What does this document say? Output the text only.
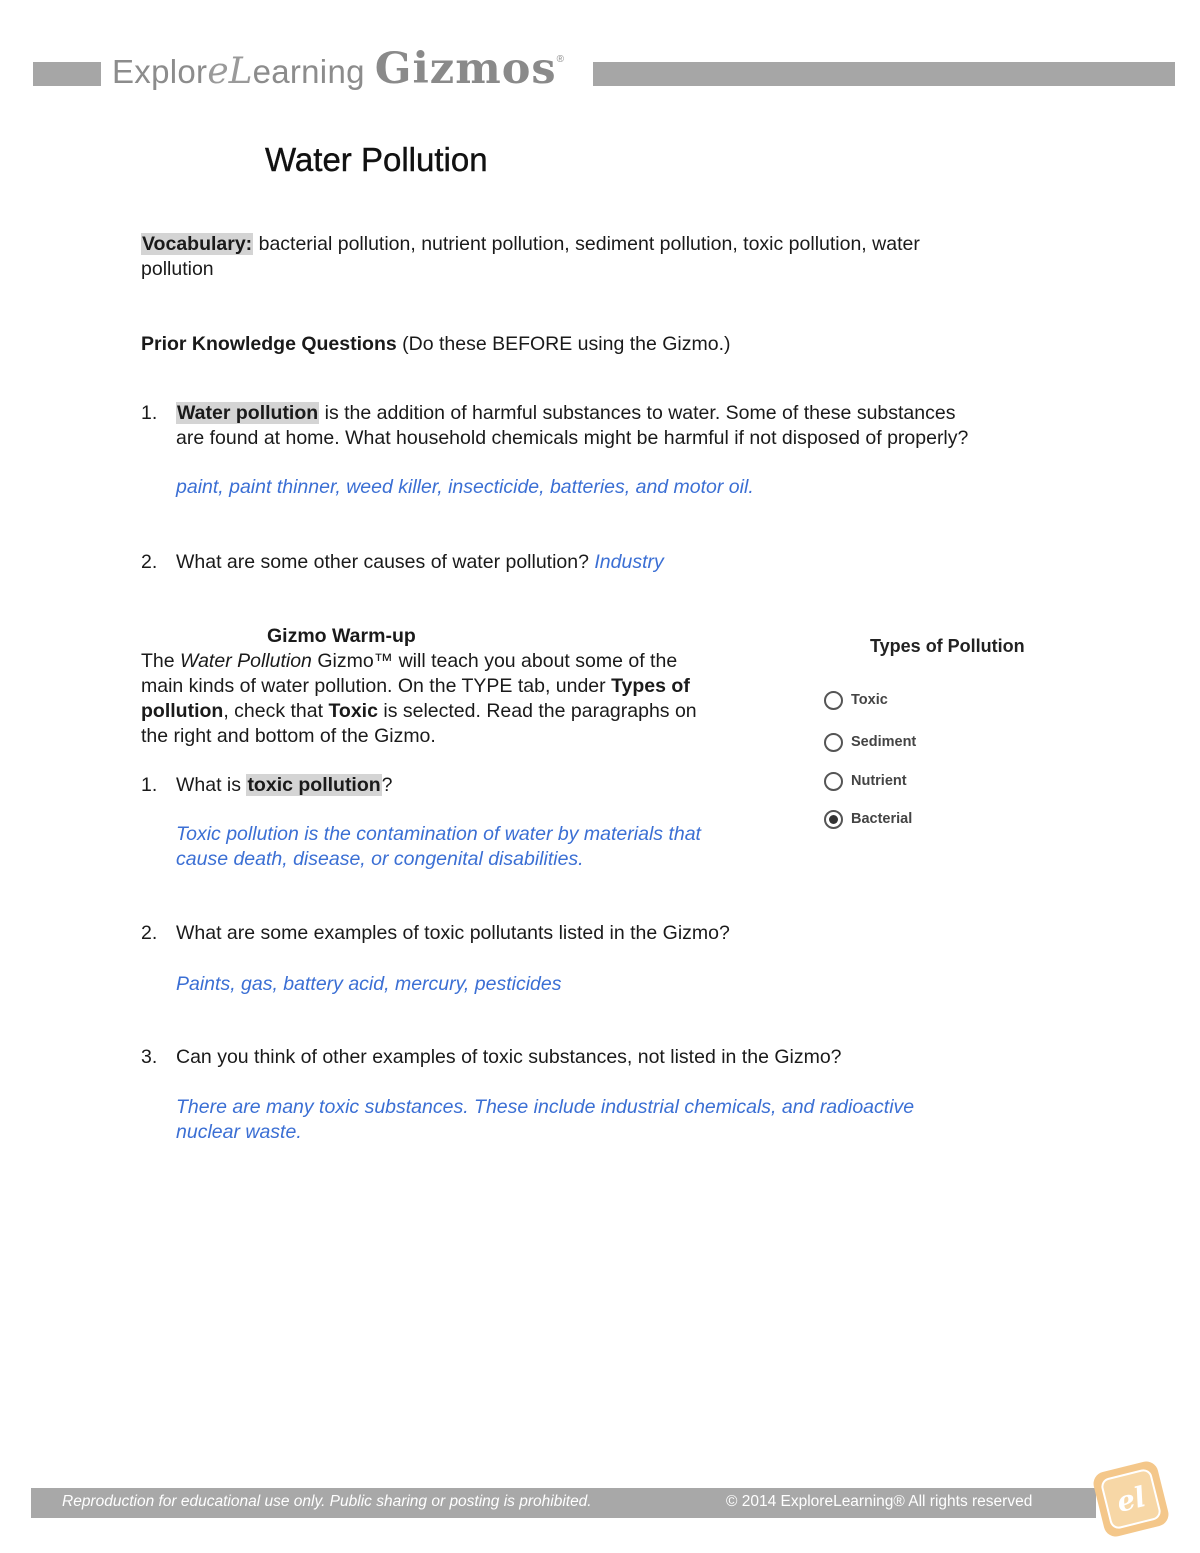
ExploreLearning Gizmos®
Water Pollution
Vocabulary: bacterial pollution, nutrient pollution, sediment pollution, toxic pollution, water
pollution
Prior Knowledge Questions (Do these BEFORE using the Gizmo.)
1. Water pollution is the addition of harmful substances to water. Some of these substances
are found at home. What household chemicals might be harmful if not disposed of properly?
paint, paint thinner, weed killer, insecticide, batteries, and motor oil.
2. What are some other causes of water pollution? Industry
Gizmo Warm-up
The Water Pollution Gizmo™ will teach you about some of the
main kinds of water pollution. On the TYPE tab, under Types of
pollution, check that Toxic is selected. Read the paragraphs on
the right and bottom of the Gizmo.
1. What is toxic pollution?
Toxic pollution is the contamination of water by materials that
cause death, disease, or congenital disabilities.
2. What are some examples of toxic pollutants listed in the Gizmo?
Paints, gas, battery acid, mercury, pesticides
3. Can you think of other examples of toxic substances, not listed in the Gizmo?
There are many toxic substances. These include industrial chemicals, and radioactive
nuclear waste.
Types of Pollution
Toxic
Sediment
Nutrient
Bacterial
Reproduction for educational use only. Public sharing or posting is prohibited.	© 2014 ExploreLearning® All rights reserved	el
